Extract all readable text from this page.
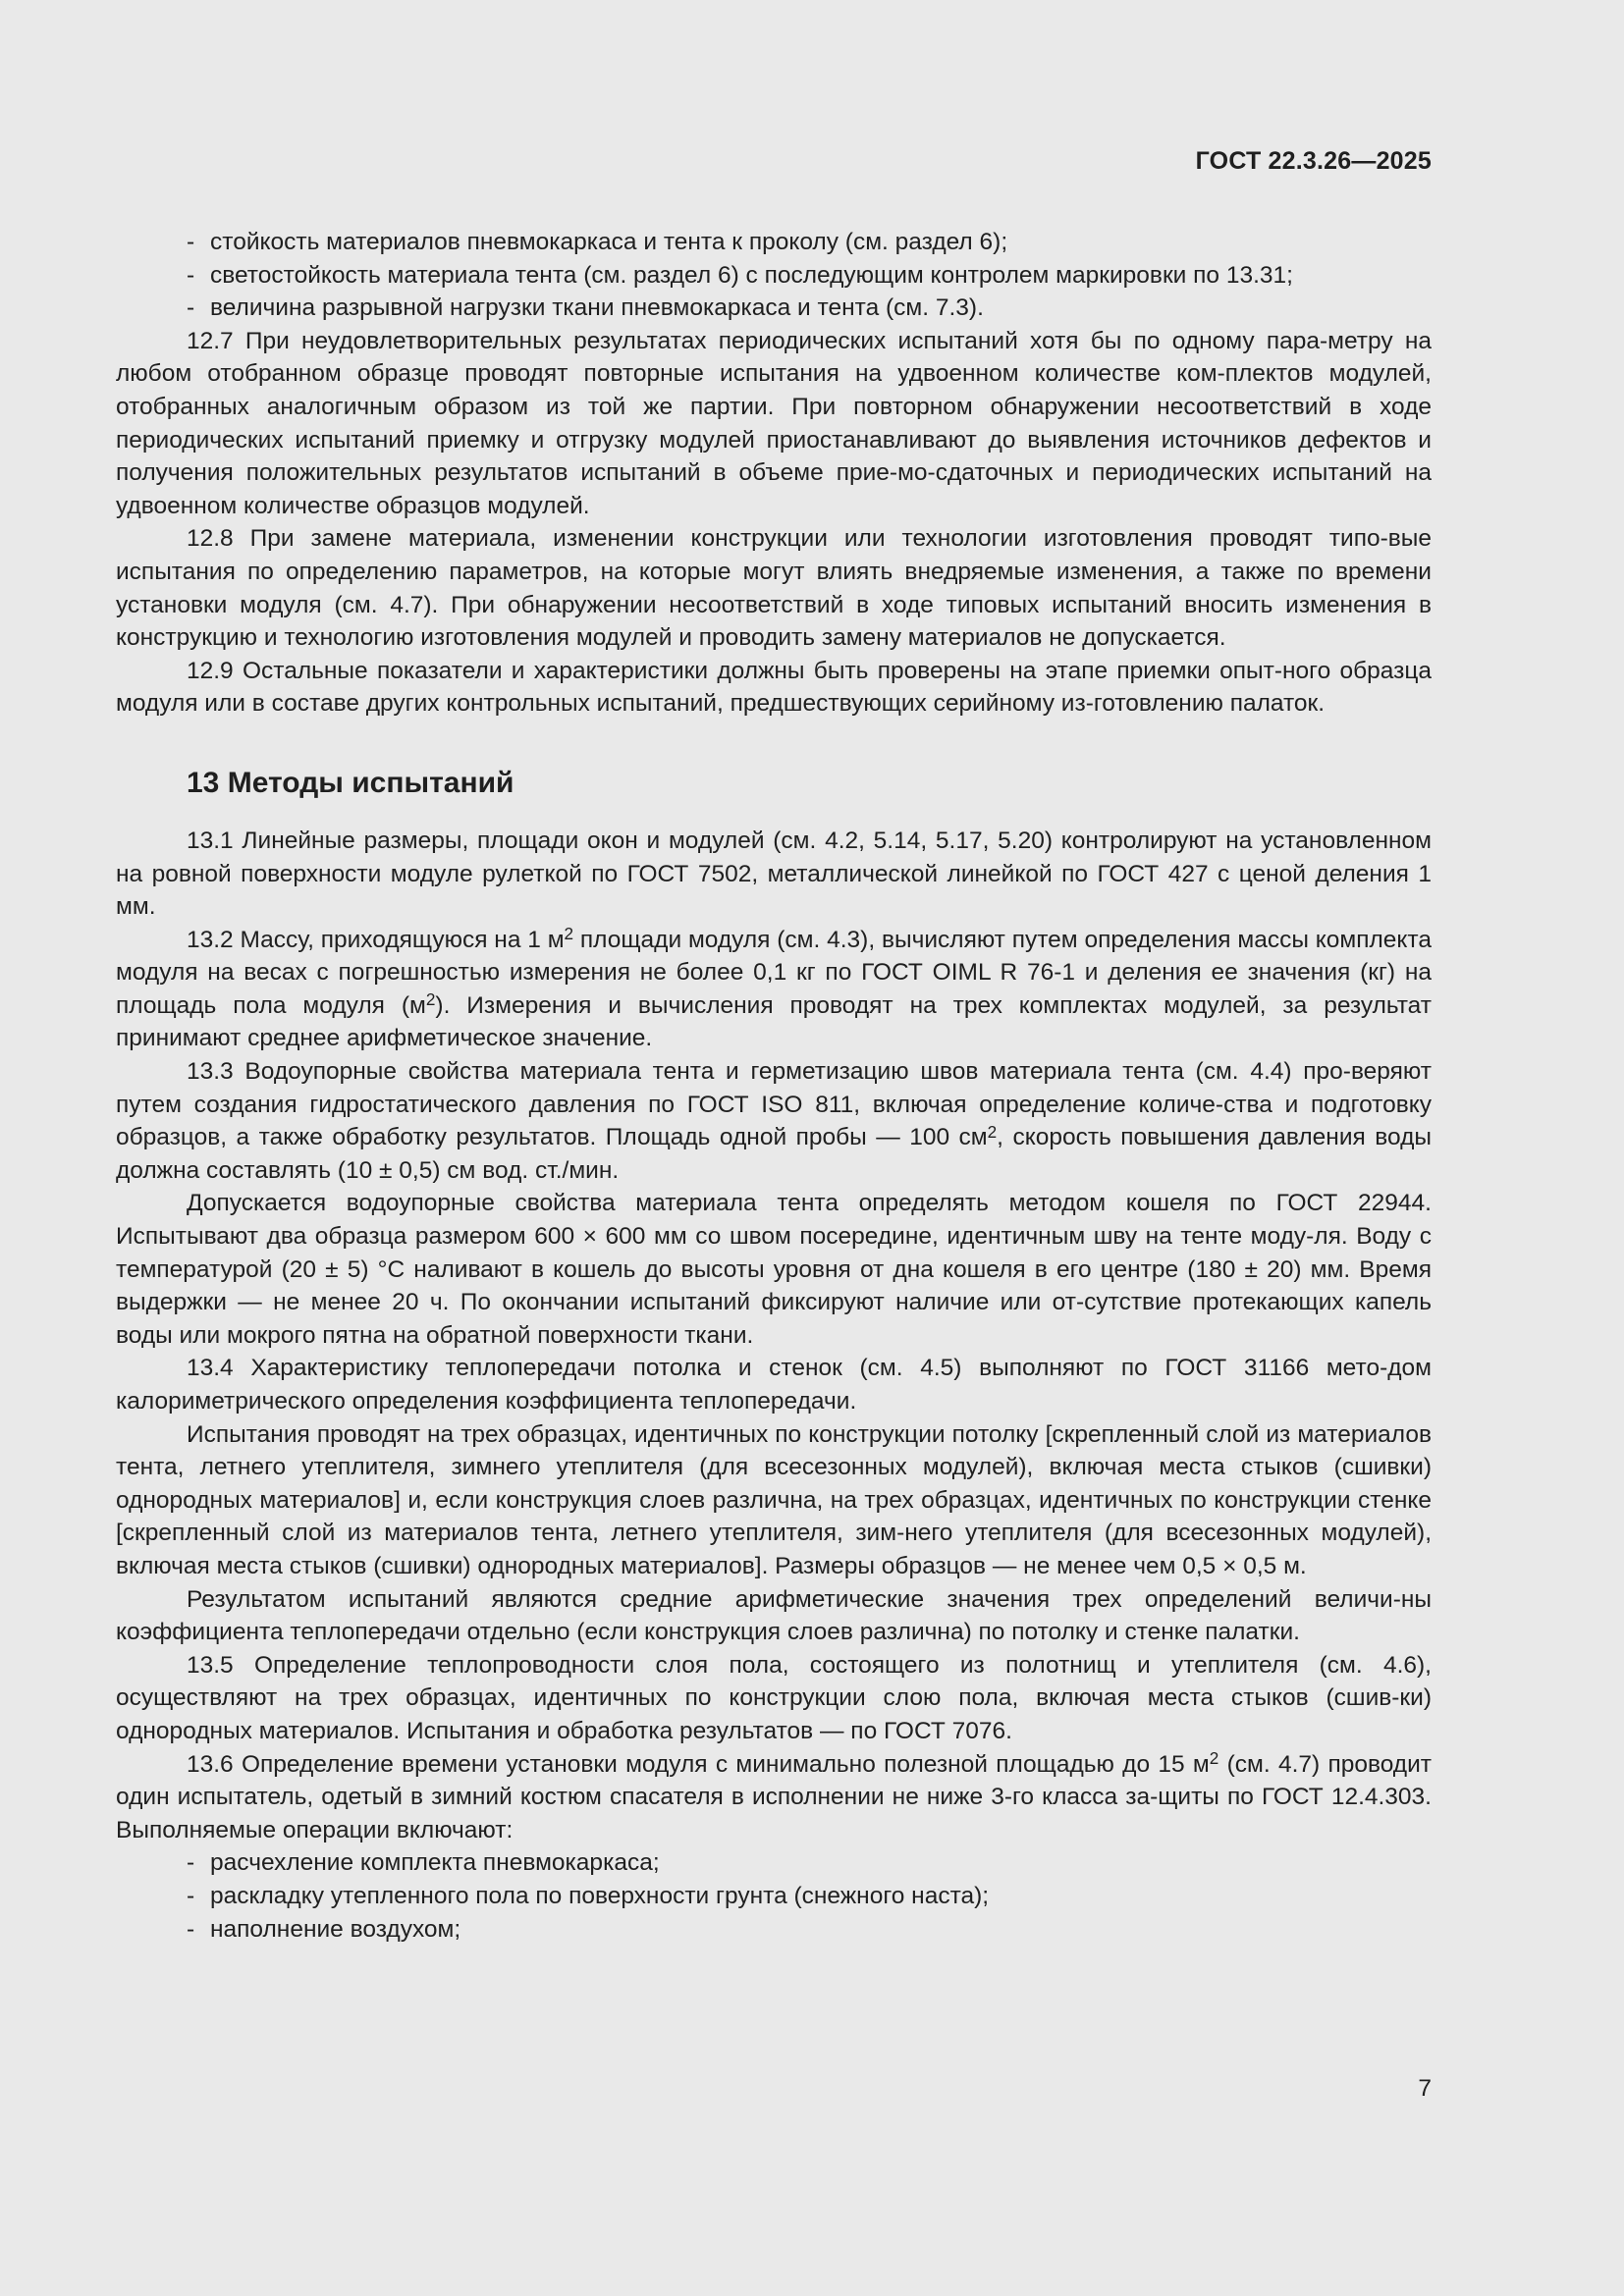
ГОСТ 22.3.26—2025

- стойкость материалов пневмокаркаса и тента к проколу (см. раздел 6);

- светостойкость материала тента (см. раздел 6) с последующим контролем маркировки по 13.31;

- величина разрывной нагрузки ткани пневмокаркаса и тента (см. 7.3).

12.7 При неудовлетворительных результатах периодических испытаний хотя бы по одному пара-метру на любом отобранном образце проводят повторные испытания на удвоенном количестве ком-плектов модулей, отобранных аналогичным образом из той же партии. При повторном обнаружении несоответствий в ходе периодических испытаний приемку и отгрузку модулей приостанавливают до выявления источников дефектов и получения положительных результатов испытаний в объеме прие-мо-сдаточных и периодических испытаний на удвоенном количестве образцов модулей.

12.8 При замене материала, изменении конструкции или технологии изготовления проводят типо-вые испытания по определению параметров, на которые могут влиять внедряемые изменения, а также по времени установки модуля (см. 4.7). При обнаружении несоответствий в ходе типовых испытаний вносить изменения в конструкцию и технологию изготовления модулей и проводить замену материалов не допускается.

12.9 Остальные показатели и характеристики должны быть проверены на этапе приемки опыт-ного образца модуля или в составе других контрольных испытаний, предшествующих серийному из-готовлению палаток.

13 Методы испытаний

13.1 Линейные размеры, площади окон и модулей (см. 4.2, 5.14, 5.17, 5.20) контролируют на установленном на ровной поверхности модуле рулеткой по ГОСТ 7502, металлической линейкой по ГОСТ 427 с ценой деления 1 мм.

13.2 Массу, приходящуюся на 1 $м^2$ площади модуля (см. 4.3), вычисляют путем определения массы комплекта модуля на весах с погрешностью измерения не более 0,1 кг по ГОСТ OIML R 76-1 и деления ее значения (кг) на площадь пола модуля $(м^2)$. Измерения и вычисления проводят на трех комплектах модулей, за результат принимают среднее арифметическое значение.

13.3 Водоупорные свойства материала тента и герметизацию швов материала тента (см. 4.4) про-веряют путем создания гидростатического давления по ГОСТ ISO 811, включая определение количе-ства и подготовку образцов, а также обработку результатов. Площадь одной пробы — 100 $см^2$, скорость повышения давления воды должна составлять (10 ± 0,5) см вод. ст./мин.

Допускается водоупорные свойства материала тента определять методом кошеля по ГОСТ 22944. Испытывают два образца размером 600 × 600 мм со швом посередине, идентичным шву на тенте моду-ля. Воду с температурой (20 ± 5) °С наливают в кошель до высоты уровня от дна кошеля в его центре (180 ± 20) мм. Время выдержки — не менее 20 ч. По окончании испытаний фиксируют наличие или от-сутствие протекающих капель воды или мокрого пятна на обратной поверхности ткани.

13.4 Характеристику теплопередачи потолка и стенок (см. 4.5) выполняют по ГОСТ 31166 мето-дом калориметрического определения коэффициента теплопередачи.

Испытания проводят на трех образцах, идентичных по конструкции потолку [скрепленный слой из материалов тента, летнего утеплителя, зимнего утеплителя (для всесезонных модулей), включая места стыков (сшивки) однородных материалов] и, если конструкция слоев различна, на трех образцах, идентичных по конструкции стенке [скрепленный слой из материалов тента, летнего утеплителя, зим-него утеплителя (для всесезонных модулей), включая места стыков (сшивки) однородных материалов]. Размеры образцов — не менее чем 0,5 × 0,5 м.

Результатом испытаний являются средние арифметические значения трех определений величи-ны коэффициента теплопередачи отдельно (если конструкция слоев различна) по потолку и стенке палатки.

13.5 Определение теплопроводности слоя пола, состоящего из полотнищ и утеплителя (см. 4.6), осуществляют на трех образцах, идентичных по конструкции слою пола, включая места стыков (сшив-ки) однородных материалов. Испытания и обработка результатов — по ГОСТ 7076.

13.6 Определение времени установки модуля с минимально полезной площадью до 15 $м^2$ (см. 4.7) проводит один испытатель, одетый в зимний костюм спасателя в исполнении не ниже 3-го класса за-щиты по ГОСТ 12.4.303. Выполняемые операции включают:

- расчехление комплекта пневмокаркаса;

- раскладку утепленного пола по поверхности грунта (снежного наста);

- наполнение воздухом;

7
